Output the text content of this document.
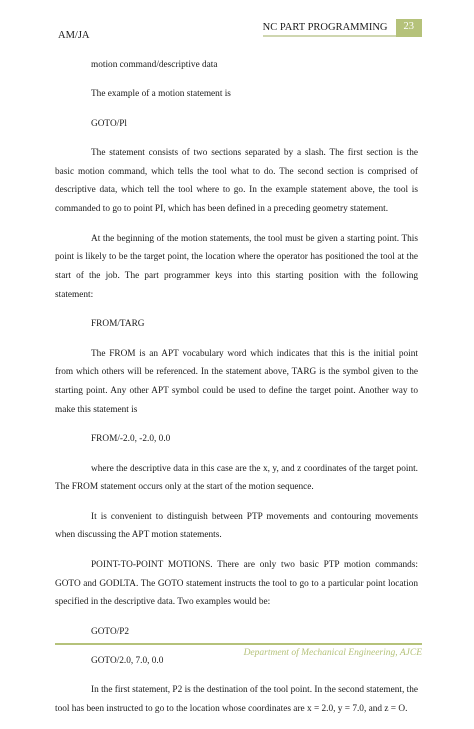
AM/JA
NC PART PROGRAMMING	23

motion command/descriptive data

The example of a motion statement is

GOTO/Pl

The statement consists of two sections separated by a slash. The first section is the basic motion command, which tells the tool what to do. The second section is comprised of descriptive data, which tell the tool where to go. In the example statement above, the tool is commanded to go to point PI, which has been defined in a preceding geometry statement.

At the beginning of the motion statements, the tool must be given a starting point. This point is likely to be the target point, the location where the operator has positioned the tool at the start of the job. The part programmer keys into this starting position with the following statement:

FROM/TARG

The FROM is an APT vocabulary word which indicates that this is the initial point from which others will be referenced. In the statement above, TARG is the symbol given to the starting point. Any other APT symbol could be used to define the target point. Another way to make this statement is

FROM/-2.0, -2.0, 0.0

where the descriptive data in this case are the x, y, and z coordinates of the target point. The FROM statement occurs only at the start of the motion sequence.

It is convenient to distinguish between PTP movements and contouring movements when discussing the APT motion statements.

POINT-TO-POINT MOTIONS. There are only two basic PTP motion commands: GOTO and GODLTA. The GOTO statement instructs the tool to go to a particular point location specified in the descriptive data. Two examples would be:

GOTO/P2

GOTO/2.0, 7.0, 0.0

In the first statement, P2 is the destination of the tool point. In the second statement, the tool has been instructed to go to the location whose coordinates are x = 2.0, y = 7.0, and z = O.

Department of Mechanical Engineering, AJCE
